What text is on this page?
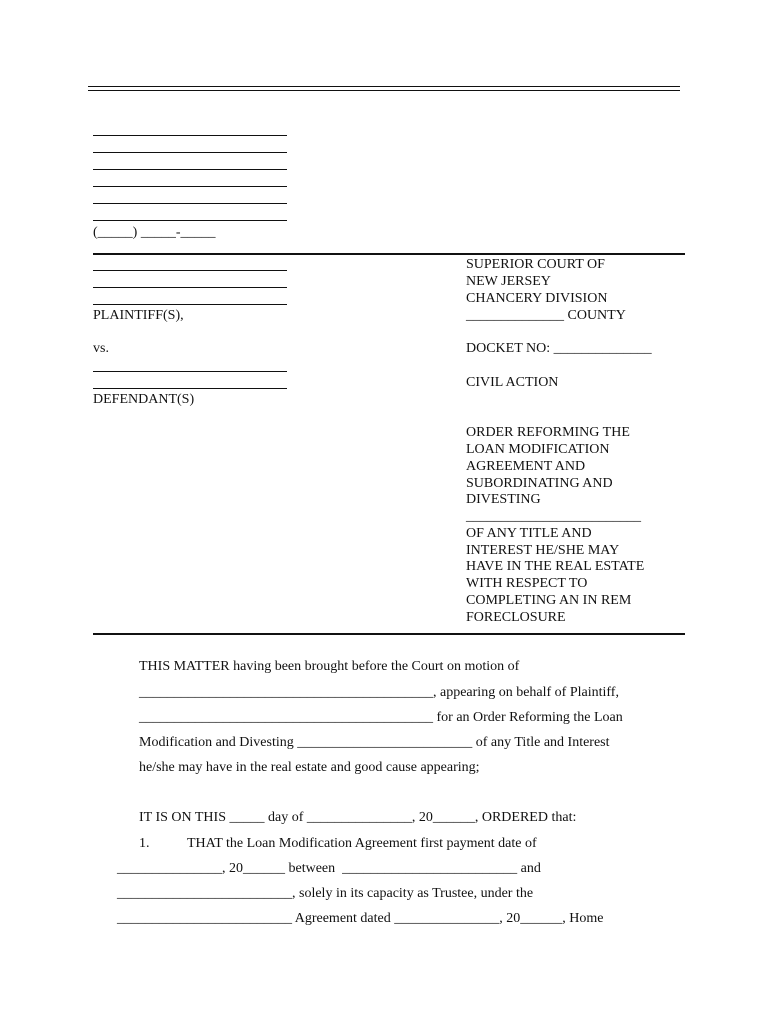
(_____) _____-_____
PLAINTIFF(S),
vs.
DEFENDANT(S)
SUPERIOR COURT OF
NEW JERSEY
CHANCERY DIVISION
______________ COUNTY
DOCKET NO: ______________
CIVIL ACTION
ORDER REFORMING THE
LOAN MODIFICATION
AGREEMENT AND
SUBORDINATING AND
DIVESTING
_________________________
OF ANY TITLE AND
INTEREST HE/SHE MAY
HAVE IN THE REAL ESTATE
WITH RESPECT TO
COMPLETING AN IN REM
FORECLOSURE
THIS MATTER having been brought before the Court on motion of
__________________________________________, appearing on behalf of Plaintiff,
__________________________________________ for an Order Reforming the Loan
Modification and Divesting _________________________ of any Title and Interest
he/she may have in the real estate and good cause appearing;
IT IS ON THIS _____ day of _______________, 20______, ORDERED that:
1.	THAT the Loan Modification Agreement first payment date of
_______________, 20______ between  _________________________ and
_________________________, solely in its capacity as Trustee, under the
_________________________ Agreement dated _______________, 20______, Home
